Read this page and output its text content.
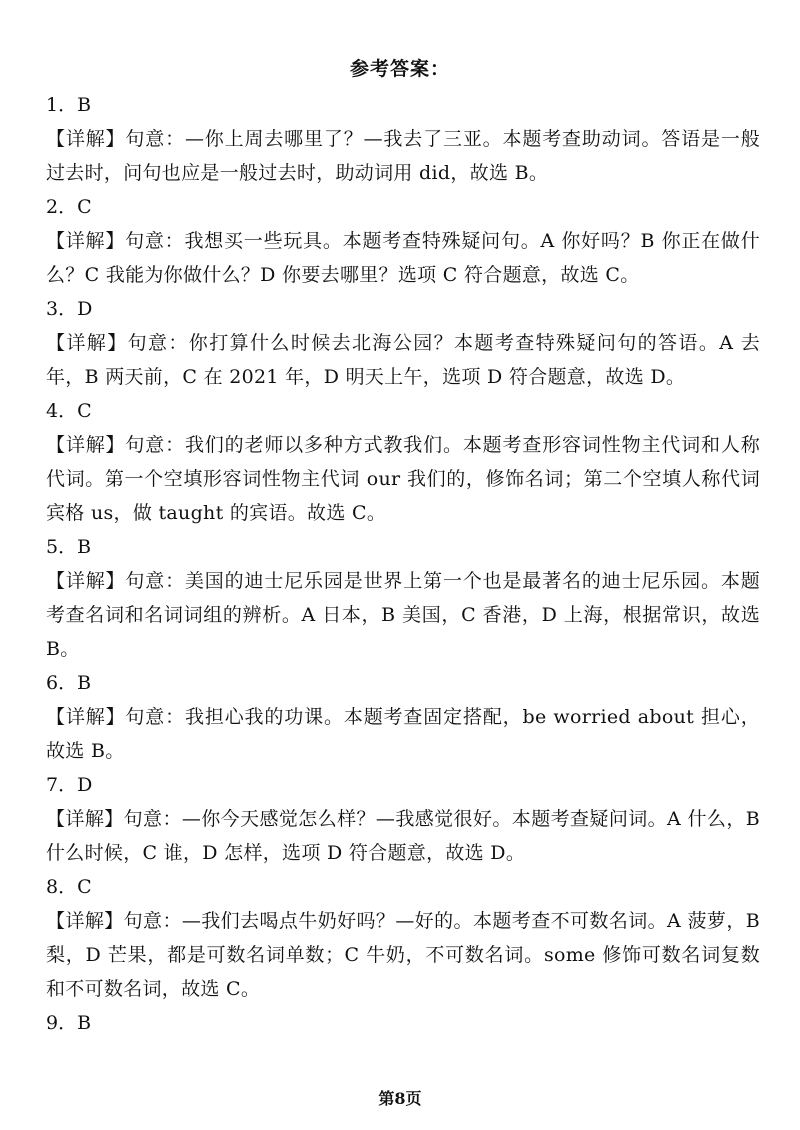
参考答案：

1．B

【详解】句意：—你上周去哪里了？—我去了三亚。本题考查助动词。答语是一般过去时，问句也应是一般过去时，助动词用 did，故选 B。

2．C

【详解】句意：我想买一些玩具。本题考查特殊疑问句。A 你好吗？B 你正在做什么？C 我能为你做什么？D 你要去哪里？选项 C 符合题意，故选 C。

3．D

【详解】句意：你打算什么时候去北海公园？本题考查特殊疑问句的答语。A 去年，B 两天前，C 在 2021 年，D 明天上午，选项 D 符合题意，故选 D。

4．C

【详解】句意：我们的老师以多种方式教我们。本题考查形容词性物主代词和人称代词。第一个空填形容词性物主代词 our 我们的，修饰名词；第二个空填人称代词宾格 us，做 taught 的宾语。故选 C。

5．B

【详解】句意：美国的迪士尼乐园是世界上第一个也是最著名的迪士尼乐园。本题考查名词和名词词组的辨析。A 日本，B 美国，C 香港，D 上海，根据常识，故选 B。

6．B

【详解】句意：我担心我的功课。本题考查固定搭配，be worried about 担心，故选 B。

7．D

【详解】句意：—你今天感觉怎么样？—我感觉很好。本题考查疑问词。A 什么，B 什么时候，C 谁，D 怎样，选项 D 符合题意，故选 D。

8．C

【详解】句意：—我们去喝点牛奶好吗？—好的。本题考查不可数名词。A 菠萝，B 梨，D 芒果，都是可数名词单数；C 牛奶，不可数名词。some 修饰可数名词复数和不可数名词，故选 C。

9．B

第8页
